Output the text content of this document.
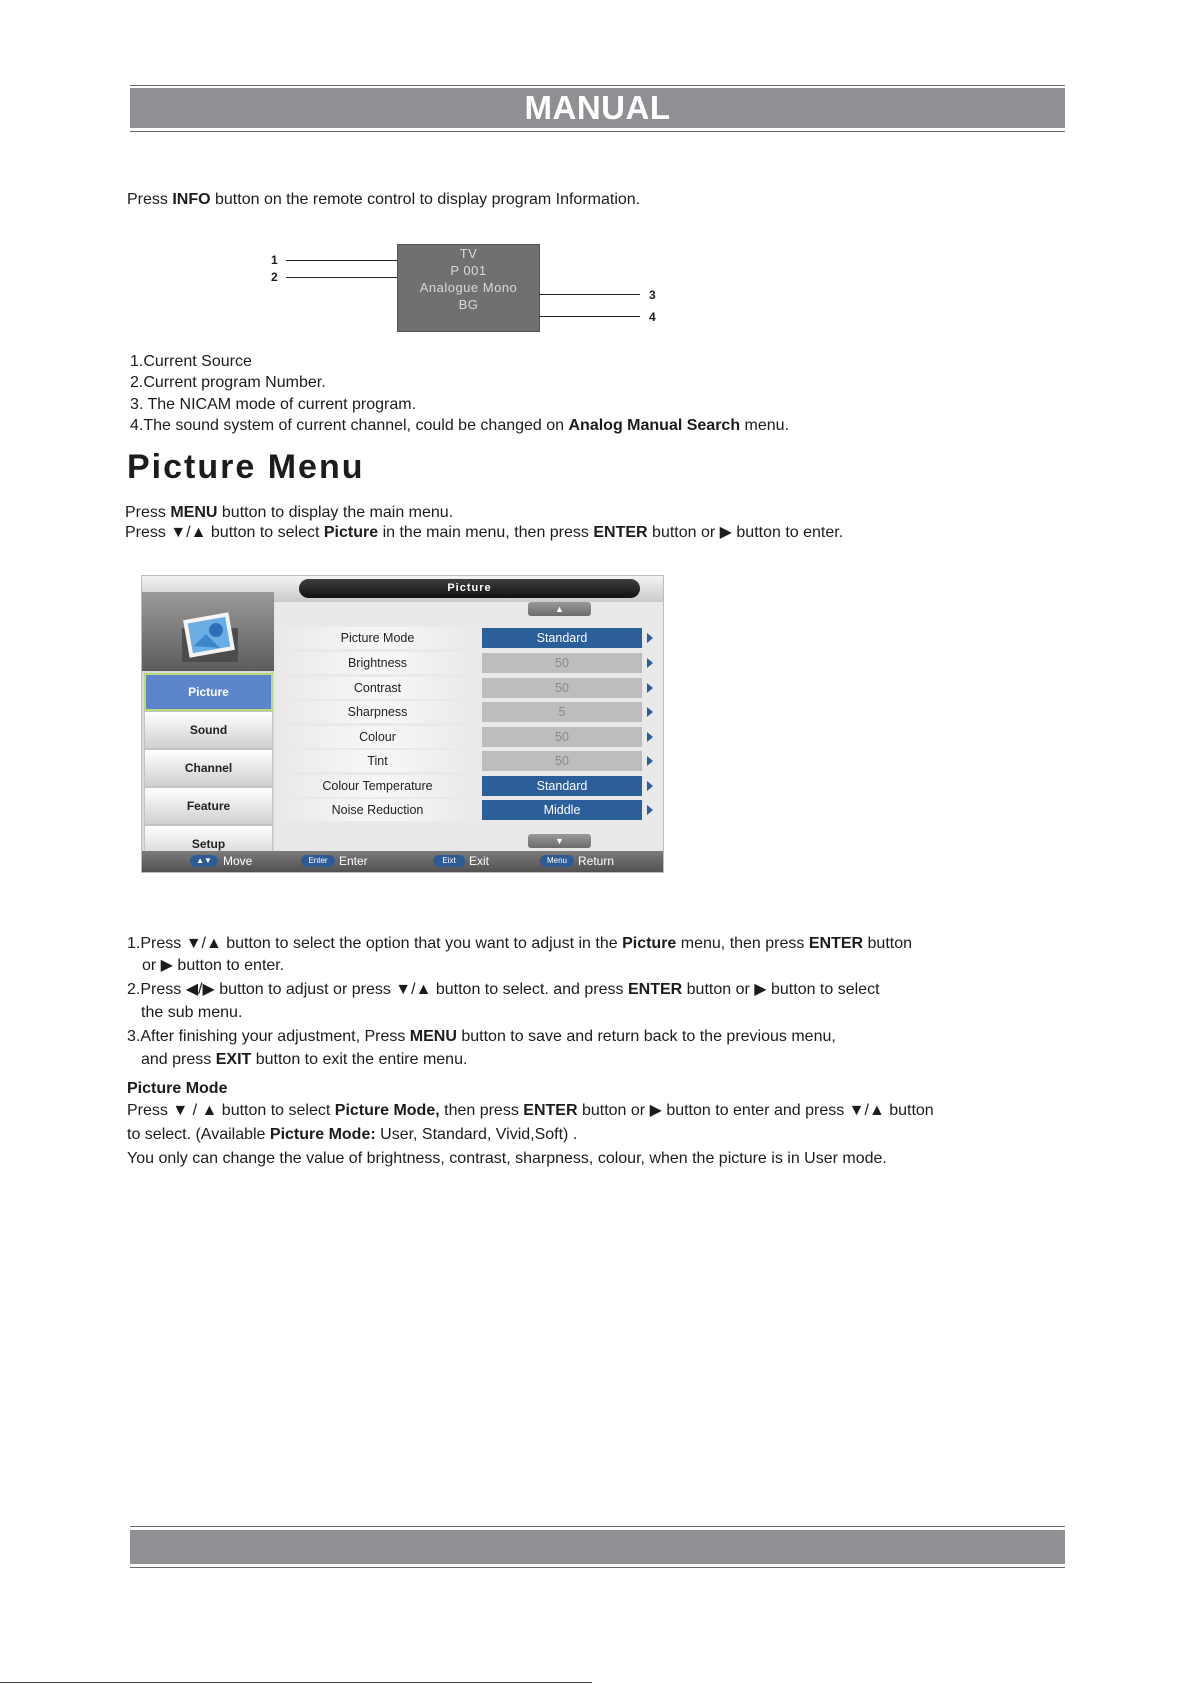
MANUAL
Press INFO button on the remote control to display program Information.
1
2
TV
P 001
Analogue Mono
BG
3
4
1.Current Source
2.Current program Number.
3. The NICAM mode of current program.
4.The sound system of current channel, could be changed on Analog Manual Search menu.
Picture Menu
Press MENU button to display the main menu.
Press ▼/▲ button to select Picture in the main menu, then press ENTER button or ▶ button to enter.
Picture
Picture
Sound
Channel
Feature
Setup
▲
Picture Mode	Standard
Brightness	50
Contrast	50
Sharpness	5
Colour	50
Tint	50
Colour Temperature	Standard
Noise Reduction	Middle
▼
▲▼ Move	Enter Enter	Eixt	Exit	Menu Return
1.Press ▼/▲ button to select the option that you want to adjust in the Picture menu, then press ENTER button
or ▶ button to enter.
2.Press ◀/▶ button to adjust or press ▼/▲ button to select. and press ENTER button or ▶ button to select
the sub menu.
3.After finishing your adjustment, Press MENU button to save and return back to the previous menu,
and press EXIT button to exit the entire menu.
Picture Mode
Press ▼ / ▲ button to select Picture Mode, then press ENTER button or ▶ button to enter and press ▼/▲ button
to select. (Available Picture Mode: User, Standard, Vivid,Soft) .
You only can change the value of brightness, contrast, sharpness, colour, when the picture is in User mode.
